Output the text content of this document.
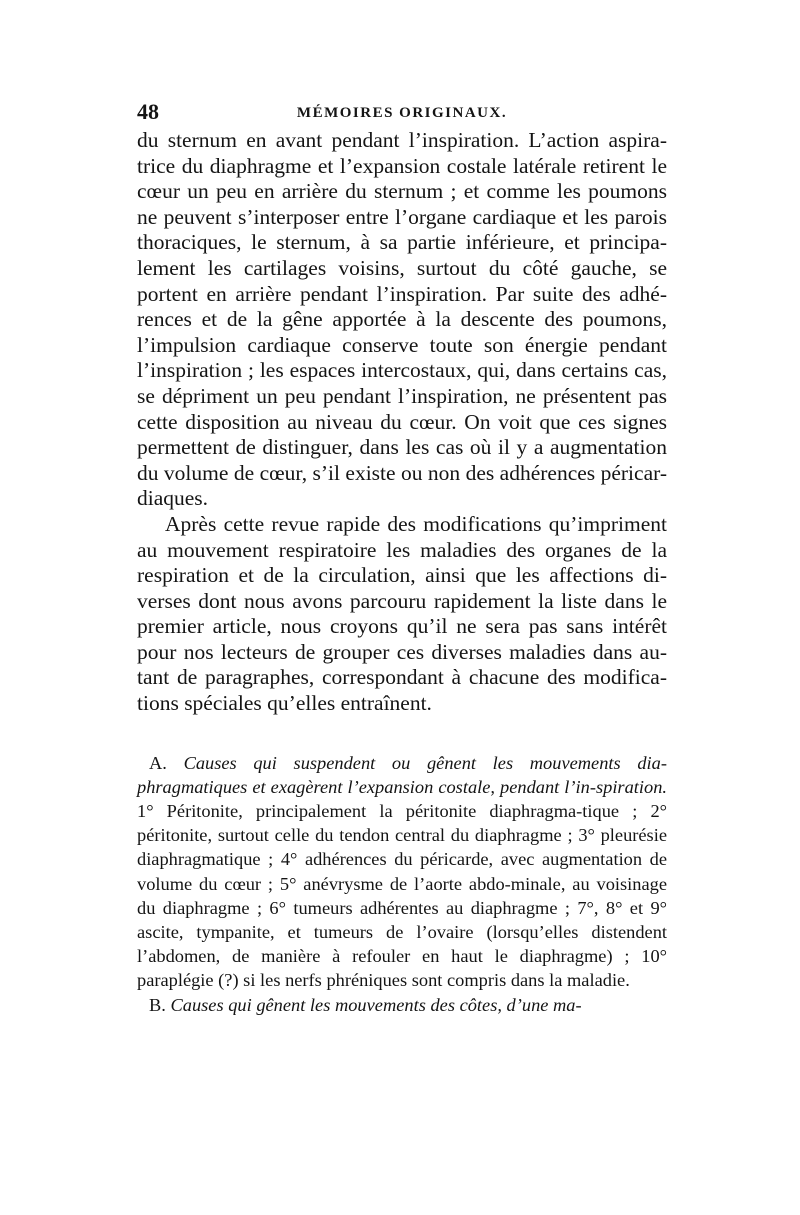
48	MÉMOIRES ORIGINAUX.

du sternum en avant pendant l’inspiration. L’action aspira-trice du diaphragme et l’expansion costale latérale retirent le cœur un peu en arrière du sternum ; et comme les poumons ne peuvent s’interposer entre l’organe cardiaque et les parois thoraciques, le sternum, à sa partie inférieure, et principa-lement les cartilages voisins, surtout du côté gauche, se portent en arrière pendant l’inspiration. Par suite des adhé-rences et de la gêne apportée à la descente des poumons, l’impulsion cardiaque conserve toute son énergie pendant l’inspiration ; les espaces intercostaux, qui, dans certains cas, se dépriment un peu pendant l’inspiration, ne présentent pas cette disposition au niveau du cœur. On voit que ces signes permettent de distinguer, dans les cas où il y a augmentation du volume de cœur, s’il existe ou non des adhérences péricar-diaques.

Après cette revue rapide des modifications qu’impriment au mouvement respiratoire les maladies des organes de la respiration et de la circulation, ainsi que les affections di-verses dont nous avons parcouru rapidement la liste dans le premier article, nous croyons qu’il ne sera pas sans intérêt pour nos lecteurs de grouper ces diverses maladies dans au-tant de paragraphes, correspondant à chacune des modifica-tions spéciales qu’elles entraînent.

A. Causes qui suspendent ou gênent les mouvements dia-phragmatiques et exagèrent l’expansion costale, pendant l’in-spiration. 1° Péritonite, principalement la péritonite diaphragma-tique ; 2° péritonite, surtout celle du tendon central du diaphragme ; 3° pleurésie diaphragmatique ; 4° adhérences du péricarde, avec augmentation de volume du cœur ; 5° anévrysme de l’aorte abdo-minale, au voisinage du diaphragme ; 6° tumeurs adhérentes au diaphragme ; 7°, 8° et 9° ascite, tympanite, et tumeurs de l’ovaire (lorsqu’elles distendent l’abdomen, de manière à refouler en haut le diaphragme) ; 10° paraplégie (?) si les nerfs phréniques sont compris dans la maladie.

B. Causes qui gênent les mouvements des côtes, d’une ma-
